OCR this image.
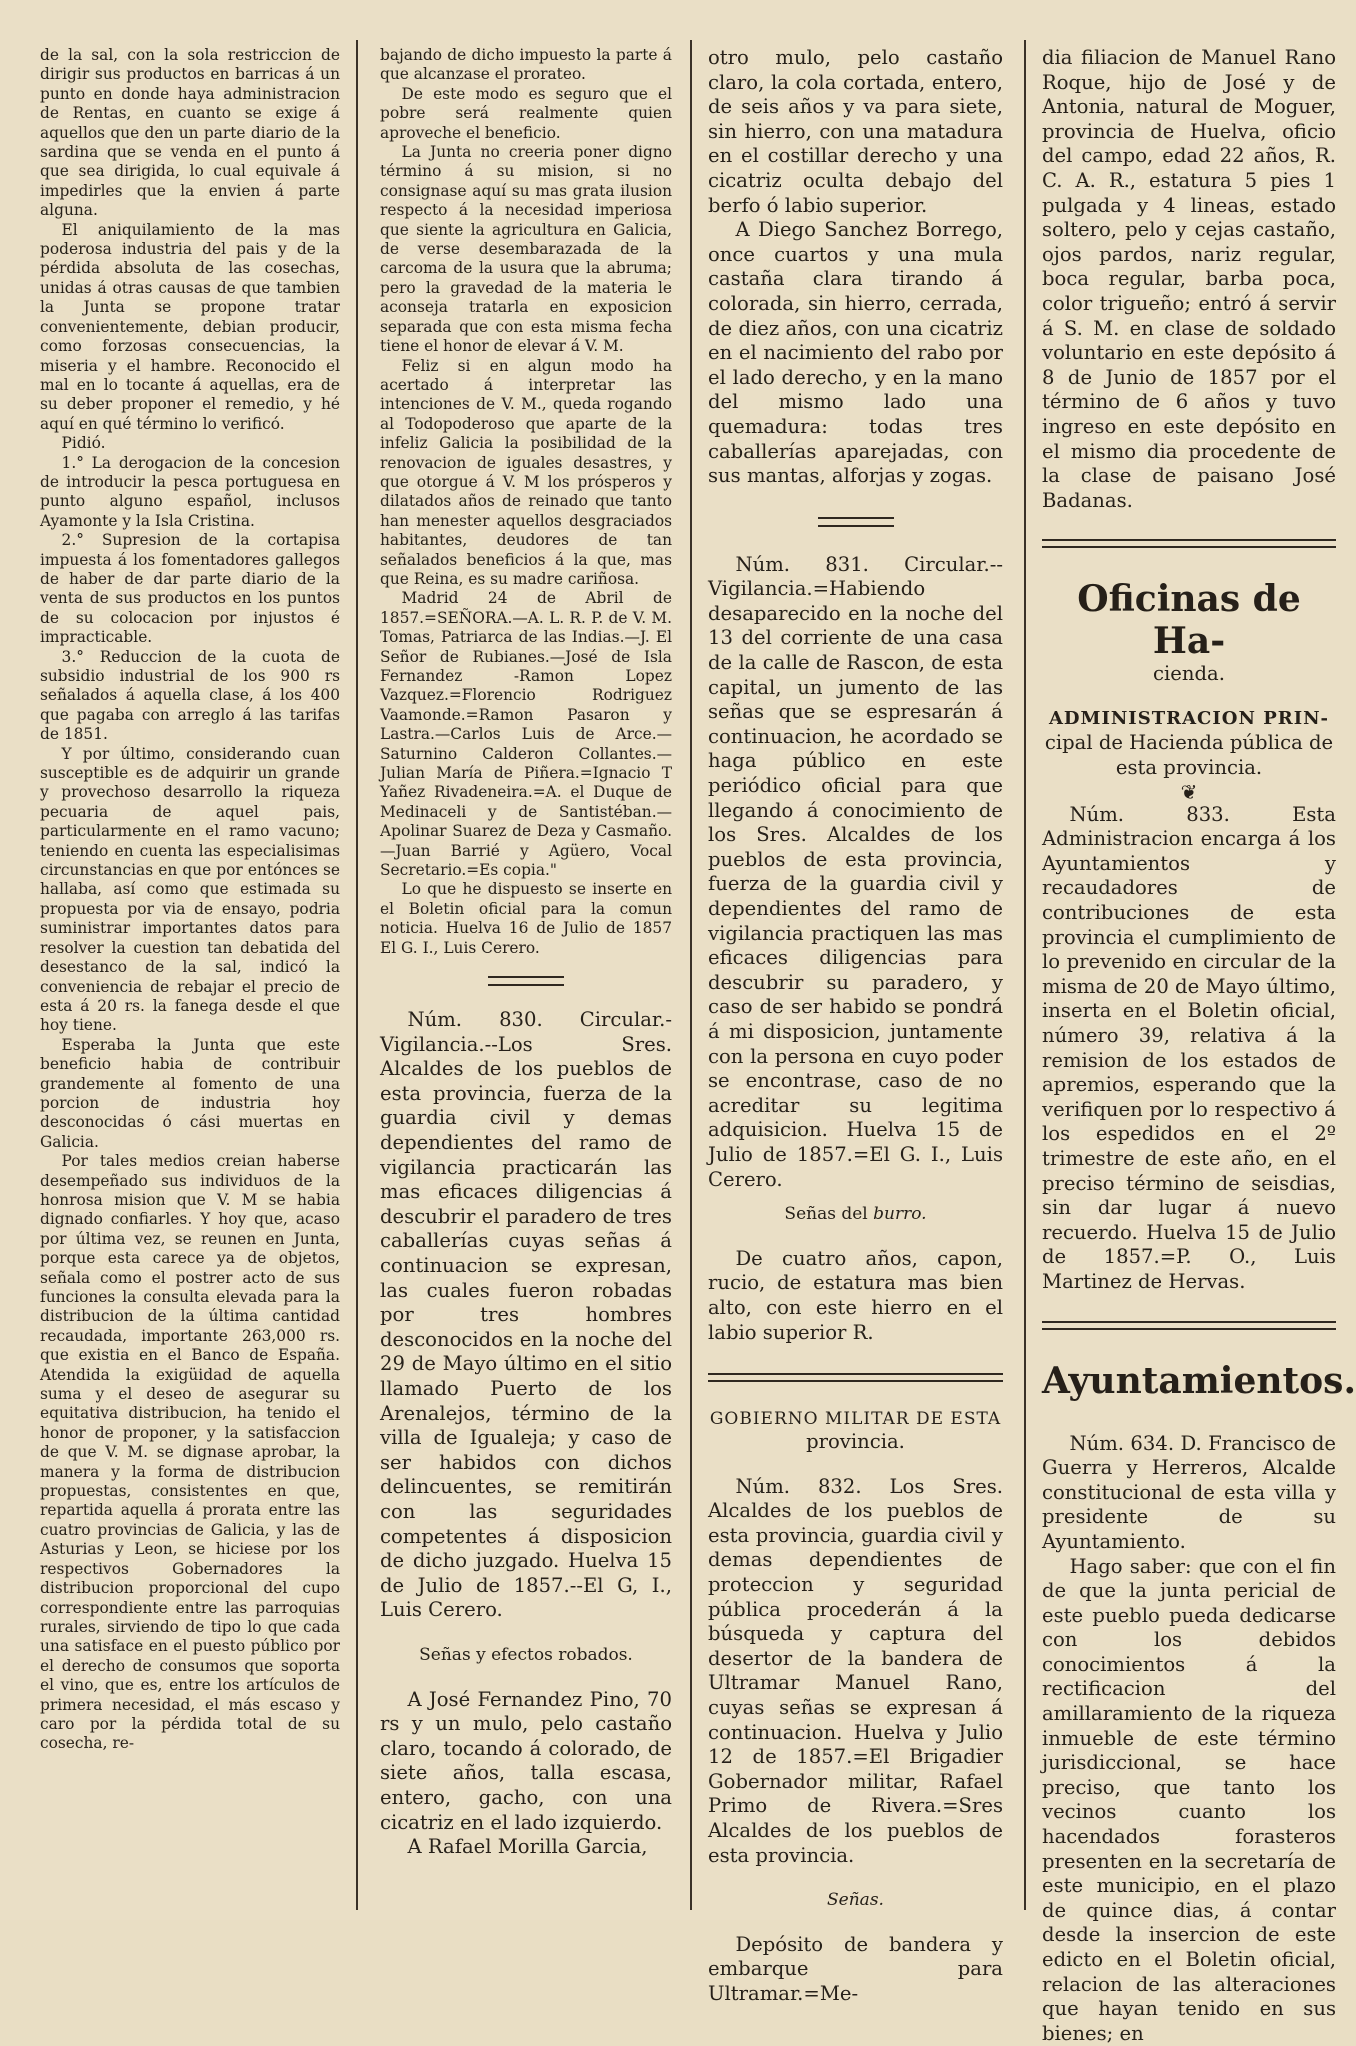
de la sal, con la sola restriccion de dirigir sus productos en barricas á un punto en donde haya administracion de Rentas, en cuanto se exige á aquellos que den un parte diario de la sardina que se venda en el punto á que sea dirigida, lo cual equivale á impedirles que la envien á parte alguna.

El aniquilamiento de la mas poderosa industria del pais y de la pérdida absoluta de las cosechas, unidas á otras causas de que tambien la Junta se propone tratar convenientemente, debian producir, como forzosas consecuencias, la miseria y el hambre. Reconocido el mal en lo tocante á aquellas, era de su deber proponer el remedio, y hé aquí en qué término lo verificó.

Pidió.

1.° La derogacion de la concesion de introducir la pesca portuguesa en punto alguno español, inclusos Ayamonte y la Isla Cristina.

2.° Supresion de la cortapisa impuesta á los fomentadores gallegos de haber de dar parte diario de la venta de sus productos en los puntos de su colocacion por injustos é impracticable.

3.° Reduccion de la cuota de subsidio industrial de los 900 rs señalados á aquella clase, á los 400 que pagaba con arreglo á las tarifas de 1851.

Y por último, considerando cuan susceptible es de adquirir un grande y provechoso desarrollo la riqueza pecuaria de aquel pais, particularmente en el ramo vacuno; teniendo en cuenta las especialisimas circunstancias en que por entónces se hallaba, así como que estimada su propuesta por via de ensayo, podria suministrar importantes datos para resolver la cuestion tan debatida del desestanco de la sal, indicó la conveniencia de rebajar el precio de esta á 20 rs. la fanega desde el que hoy tiene.

Esperaba la Junta que este beneficio habia de contribuir grandemente al fomento de una porcion de industria hoy desconocidas ó cási muertas en Galicia.

Por tales medios creian haberse desempeñado sus individuos de la honrosa mision que V. M se habia dignado confiarles. Y hoy que, acaso por última vez, se reunen en Junta, porque esta carece ya de objetos, señala como el postrer acto de sus funciones la consulta elevada para la distribucion de la última cantidad recaudada, importante 263,000 rs. que existia en el Banco de España. Atendida la exigüidad de aquella suma y el deseo de asegurar su equitativa distribucion, ha tenido el honor de proponer, y la satisfaccion de que V. M. se dignase aprobar, la manera y la forma de distribucion propuestas, consistentes en que, repartida aquella á prorata entre las cuatro provincias de Galicia, y las de Asturias y Leon, se hiciese por los respectivos Gobernadores la distribucion proporcional del cupo correspondiente entre las parroquias rurales, sirviendo de tipo lo que cada una satisface en el puesto público por el derecho de consumos que soporta el vino, que es, entre los artículos de primera necesidad, el más escaso y caro por la pérdida total de su cosecha, re-

bajando de dicho impuesto la parte á que alcanzase el prorateo.

De este modo es seguro que el pobre será realmente quien aproveche el beneficio.

La Junta no creeria poner digno término á su mision, si no consignase aquí su mas grata ilusion respecto á la necesidad imperiosa que siente la agricultura en Galicia, de verse desembarazada de la carcoma de la usura que la abruma; pero la gravedad de la materia le aconseja tratarla en exposicion separada que con esta misma fecha tiene el honor de elevar á V. M.

Feliz si en algun modo ha acertado á interpretar las intenciones de V. M., queda rogando al Todopoderoso que aparte de la infeliz Galicia la posibilidad de la renovacion de iguales desastres, y que otorgue á V. M los prósperos y dilatados años de reinado que tanto han menester aquellos desgraciados habitantes, deudores de tan señalados beneficios á la que, mas que Reina, es su madre cariñosa.

Madrid 24 de Abril de 1857.=SEÑORA.—A. L. R. P. de V. M. Tomas, Patriarca de las Indias.—J. El Señor de Rubianes.—José de Isla Fernandez -Ramon Lopez Vazquez.=Florencio Rodriguez Vaamonde.=Ramon Pasaron y Lastra.—Carlos Luis de Arce.—Saturnino Calderon Collantes.—Julian María de Piñera.=Ignacio T Yañez Rivadeneira.=A. el Duque de Medinaceli y de Santistéban.—Apolinar Suarez de Deza y Casmaño.—Juan Barrié y Agüero, Vocal Secretario.=Es copia."

Lo que he dispuesto se inserte en el Boletin oficial para la comun noticia. Huelva 16 de Julio de 1857 El G. I., Luis Cerero.

Núm. 830. Circular.-Vigilancia.--Los Sres. Alcaldes de los pueblos de esta provincia, fuerza de la guardia civil y demas dependientes del ramo de vigilancia practicarán las mas eficaces diligencias á descubrir el paradero de tres caballerías cuyas señas á continuacion se expresan, las cuales fueron robadas por tres hombres desconocidos en la noche del 29 de Mayo último en el sitio llamado Puerto de los Arenalejos, término de la villa de Igualeja; y caso de ser habidos con dichos delincuentes, se remitirán con las seguridades competentes á disposicion de dicho juzgado. Huelva 15 de Julio de 1857.--El G, I., Luis Cerero.

Señas y efectos robados.

A José Fernandez Pino, 70 rs y un mulo, pelo castaño claro, tocando á colorado, de siete años, talla escasa, entero, gacho, con una cicatriz en el lado izquierdo.

A Rafael Morilla Garcia,

otro mulo, pelo castaño claro, la cola cortada, entero, de seis años y va para siete, sin hierro, con una matadura en el costillar derecho y una cicatriz oculta debajo del berfo ó labio superior.

A Diego Sanchez Borrego, once cuartos y una mula castaña clara tirando á colorada, sin hierro, cerrada, de diez años, con una cicatriz en el nacimiento del rabo por el lado derecho, y en la mano del mismo lado una quemadura: todas tres caballerías aparejadas, con sus mantas, alforjas y zogas.

Núm. 831. Circular.--Vigilancia.=Habiendo desaparecido en la noche del 13 del corriente de una casa de la calle de Rascon, de esta capital, un jumento de las señas que se espresarán á continuacion, he acordado se haga público en este periódico oficial para que llegando á conocimiento de los Sres. Alcaldes de los pueblos de esta provincia, fuerza de la guardia civil y dependientes del ramo de vigilancia practiquen las mas eficaces diligencias para descubrir su paradero, y caso de ser habido se pondrá á mi disposicion, juntamente con la persona en cuyo poder se encontrase, caso de no acreditar su legitima adquisicion. Huelva 15 de Julio de 1857.=El G. I., Luis Cerero.

Señas del burro.

De cuatro años, capon, rucio, de estatura mas bien alto, con este hierro en el labio superior R.

GOBIERNO MILITAR DE ESTA

provincia.

Núm. 832. Los Sres. Alcaldes de los pueblos de esta provincia, guardia civil y demas dependientes de proteccion y seguridad pública procederán á la búsqueda y captura del desertor de la bandera de Ultramar Manuel Rano, cuyas señas se expresan á continuacion. Huelva y Julio 12 de 1857.=El Brigadier Gobernador militar, Rafael Primo de Rivera.=Sres Alcaldes de los pueblos de esta provincia.

Señas.

Depósito de bandera y embarque para Ultramar.=Me-

dia filiacion de Manuel Rano Roque, hijo de José y de Antonia, natural de Moguer, provincia de Huelva, oficio del campo, edad 22 años, R. C. A. R., estatura 5 pies 1 pulgada y 4 lineas, estado soltero, pelo y cejas castaño, ojos pardos, nariz regular, boca regular, barba poca, color trigueño; entró á servir á S. M. en clase de soldado voluntario en este depósito á 8 de Junio de 1857 por el término de 6 años y tuvo ingreso en este depósito en el mismo dia procedente de la clase de paisano José Badanas.

Oficinas de Ha-

cienda.

ADMINISTRACION PRIN-

cipal de Hacienda pública de esta provincia.

❦

Núm. 833. Esta Administracion encarga á los Ayuntamientos y recaudadores de contribuciones de esta provincia el cumplimiento de lo prevenido en circular de la misma de 20 de Mayo último, inserta en el Boletin oficial, número 39, relativa á la remision de los estados de apremios, esperando que la verifiquen por lo respectivo á los espedidos en el 2º trimestre de este año, en el preciso término de seisdias, sin dar lugar á nuevo recuerdo. Huelva 15 de Julio de 1857.=P. O., Luis Martinez de Hervas.

Ayuntamientos.

Núm. 634. D. Francisco de Guerra y Herreros, Alcalde constitucional de esta villa y presidente de su Ayuntamiento.

Hago saber: que con el fin de que la junta pericial de este pueblo pueda dedicarse con los debidos conocimientos á la rectificacion del amillaramiento de la riqueza inmueble de este término jurisdiccional, se hace preciso, que tanto los vecinos cuanto los hacendados forasteros presenten en la secretaría de este municipio, en el plazo de quince dias, á contar desde la insercion de este edicto en el Boletin oficial, relacion de las alteraciones que hayan tenido en sus bienes; en
